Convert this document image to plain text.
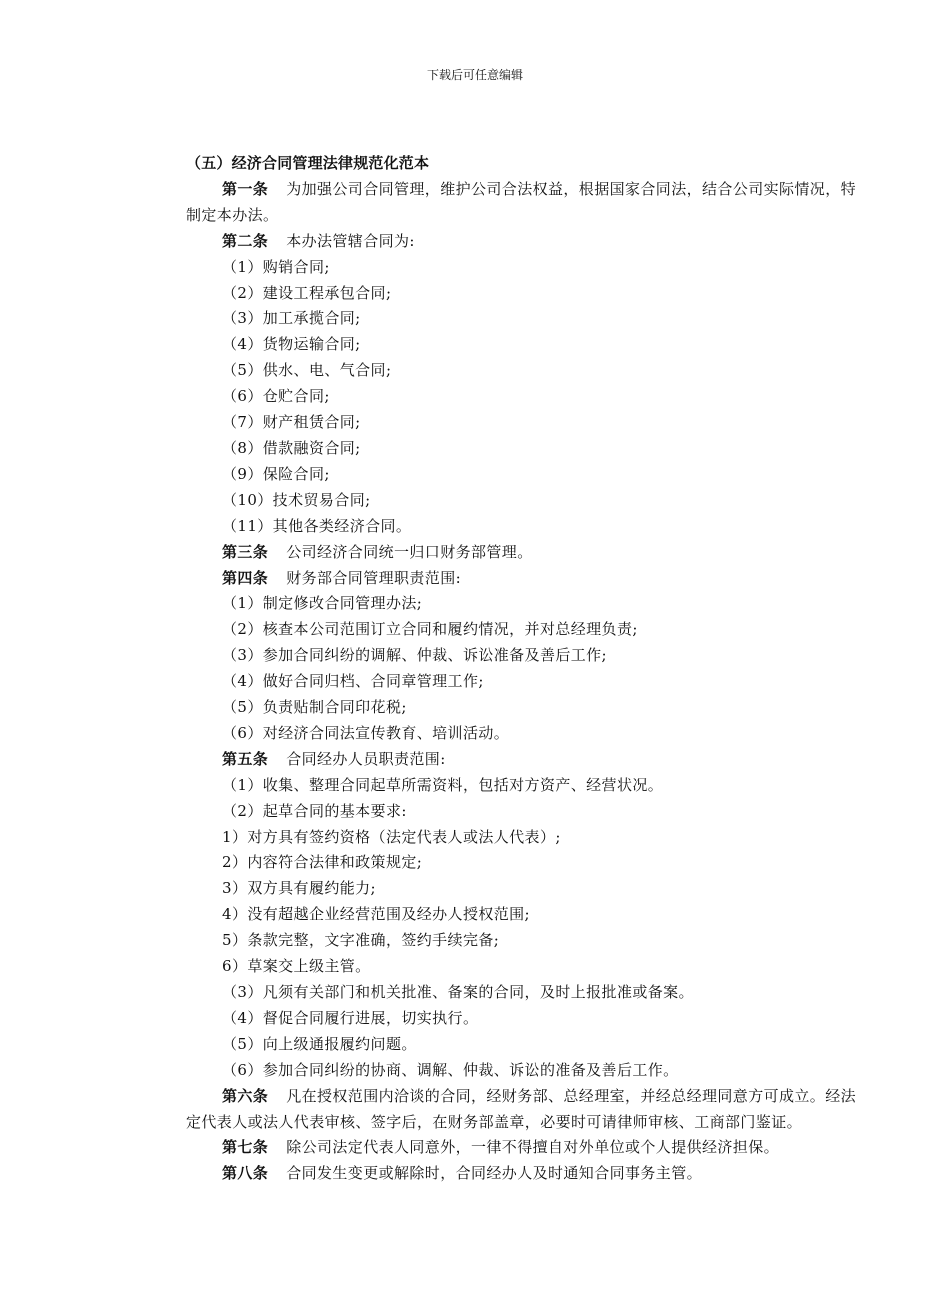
下载后可任意编辑
（五）经济合同管理法律规范化范本
第一条 为加强公司合同管理，维护公司合法权益，根据国家合同法，结合公司实际情况，特制定本办法。
第二条 本办法管辖合同为:
（1）购销合同;
（2）建设工程承包合同;
（3）加工承揽合同;
（4）货物运输合同;
（5）供水、电、气合同;
（6）仓贮合同;
（7）财产租赁合同;
（8）借款融资合同;
（9）保险合同;
（10）技术贸易合同;
（11）其他各类经济合同。
第三条 公司经济合同统一归口财务部管理。
第四条 财务部合同管理职责范围:
（1）制定修改合同管理办法;
（2）核查本公司范围订立合同和履约情况，并对总经理负责;
（3）参加合同纠纷的调解、仲裁、诉讼准备及善后工作;
（4）做好合同归档、合同章管理工作;
（5）负责贴制合同印花税;
（6）对经济合同法宣传教育、培训活动。
第五条 合同经办人员职责范围:
（1）收集、整理合同起草所需资料，包括对方资产、经营状况。
（2）起草合同的基本要求:
1）对方具有签约资格（法定代表人或法人代表）;
2）内容符合法律和政策规定;
3）双方具有履约能力;
4）没有超越企业经营范围及经办人授权范围;
5）条款完整，文字准确，签约手续完备;
6）草案交上级主管。
（3）凡须有关部门和机关批准、备案的合同，及时上报批准或备案。
（4）督促合同履行进展，切实执行。
（5）向上级通报履约问题。
（6）参加合同纠纷的协商、调解、仲裁、诉讼的准备及善后工作。
第六条 凡在授权范围内洽谈的合同，经财务部、总经理室，并经总经理同意方可成立。经法定代表人或法人代表审核、签字后，在财务部盖章，必要时可请律师审核、工商部门鉴证。
第七条 除公司法定代表人同意外，一律不得擅自对外单位或个人提供经济担保。
第八条 合同发生变更或解除时，合同经办人及时通知合同事务主管。
